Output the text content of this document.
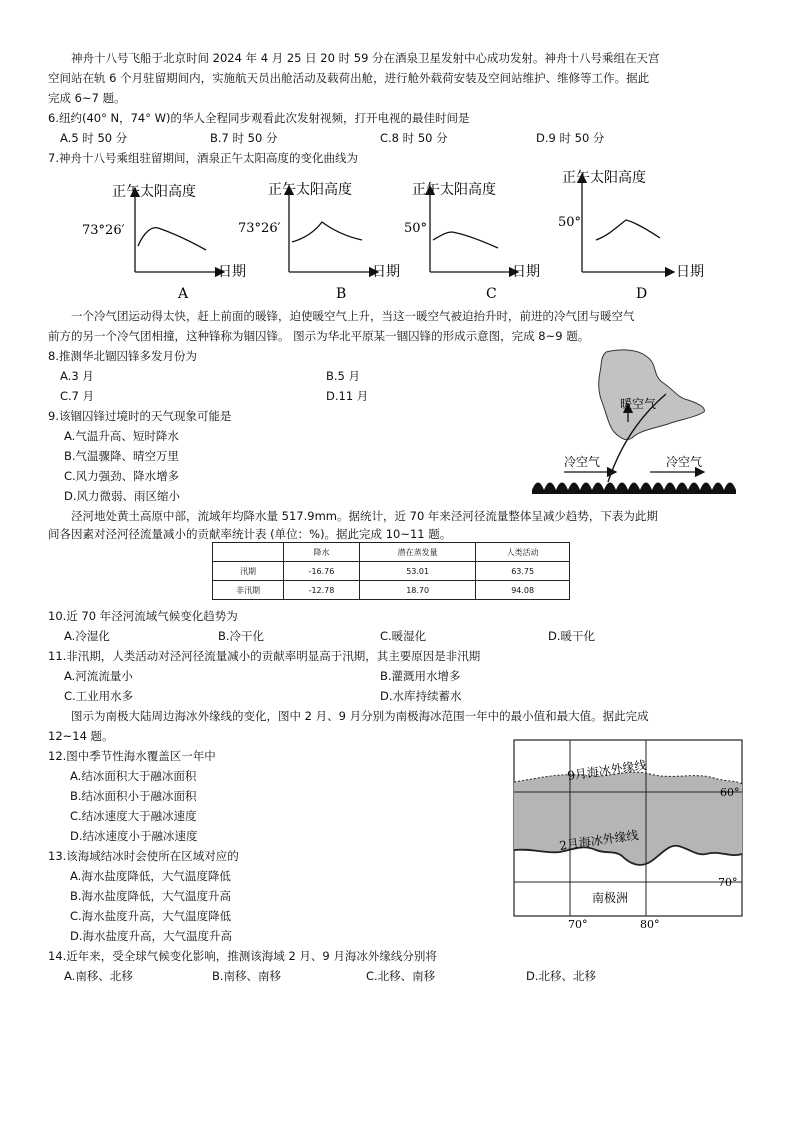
神舟十八号飞船于北京时间 2024 年 4 月 25 日 20 时 59 分在酒泉卫星发射中心成功发射。神舟十八号乘组在天宫
空间站在轨 6 个月驻留期间内，实施航天员出舱活动及载荷出舱，进行舱外载荷安装及空间站维护、维修等工作。据此
完成 6~7 题。
6.纽约(40° N，74° W)的华人全程同步观看此次发射视频，打开电视的最佳时间是
A.5 时 50 分	B.7 时 50 分	C.8 时 50 分	D.9 时 50 分
7.神舟十八号乘组驻留期间，酒泉正午太阳高度的变化曲线为
正午太阳高度
73°26′
日期
A
正午太阳高度
73°26′
日期
B
正午太阳高度
50°
日期
C
正午太阳高度
50°
日期
D
一个冷气团运动得太快，赶上前面的暖锋，迫使暖空气上升，当这一暖空气被迫抬升时，前进的冷气团与暖空气
前方的另一个冷气团相撞，这种锋称为锢囚锋。 图示为华北平原某一锢囚锋的形成示意图，完成 8~9 题。
8.推测华北锢囚锋多发月份为
A.3 月	B.5 月
C.7 月	D.11 月
9.该锢囚锋过境时的天气现象可能是
A.气温升高、短时降水
B.气温骤降、晴空万里
C.风力强劲、降水增多
D.风力微弱、雨区缩小
暖空气
冷空气	冷空气
泾河地处黄土高原中部，流域年均降水量 517.9mm。据统计，近 70 年来泾河径流量整体呈减少趋势，下表为此期
间各因素对泾河径流量减小的贡献率统计表 (单位：%)。据此完成 10~11 题。
	降水	潜在蒸发量	人类活动
汛期	-16.76	53.01	63.75
非汛期	-12.78	18.70	94.08
10.近 70 年泾河流域气候变化趋势为
A.冷湿化	B.冷干化	C.暖湿化	D.暖干化
11.非汛期，人类活动对泾河径流量减小的贡献率明显高于汛期，其主要原因是非汛期
A.河流流量小	B.灌溉用水增多
C.工业用水多	D.水库持续蓄水
图示为南极大陆周边海冰外缘线的变化，图中 2 月、9 月分别为南极海冰范围一年中的最小值和最大值。据此完成
12~14 题。
12.图中季节性海水覆盖区一年中
A.结冰面积大于融冰面积
B.结冰面积小于融冰面积
C.结冰速度大于融冰速度
D.结冰速度小于融冰速度
13.该海域结冰时会使所在区域对应的
A.海水盐度降低，大气温度降低
B.海水盐度降低，大气温度升高
C.海水盐度升高，大气温度降低
D.海水盐度升高，大气温度升高
9月海冰外缘线
2月海冰外缘线
南极洲
60°
70°
70°	80°
14.近年来，受全球气候变化影响，推测该海域 2 月、9 月海冰外缘线分别将
A.南移、北移	B.南移、南移	C.北移、南移	D.北移、北移
